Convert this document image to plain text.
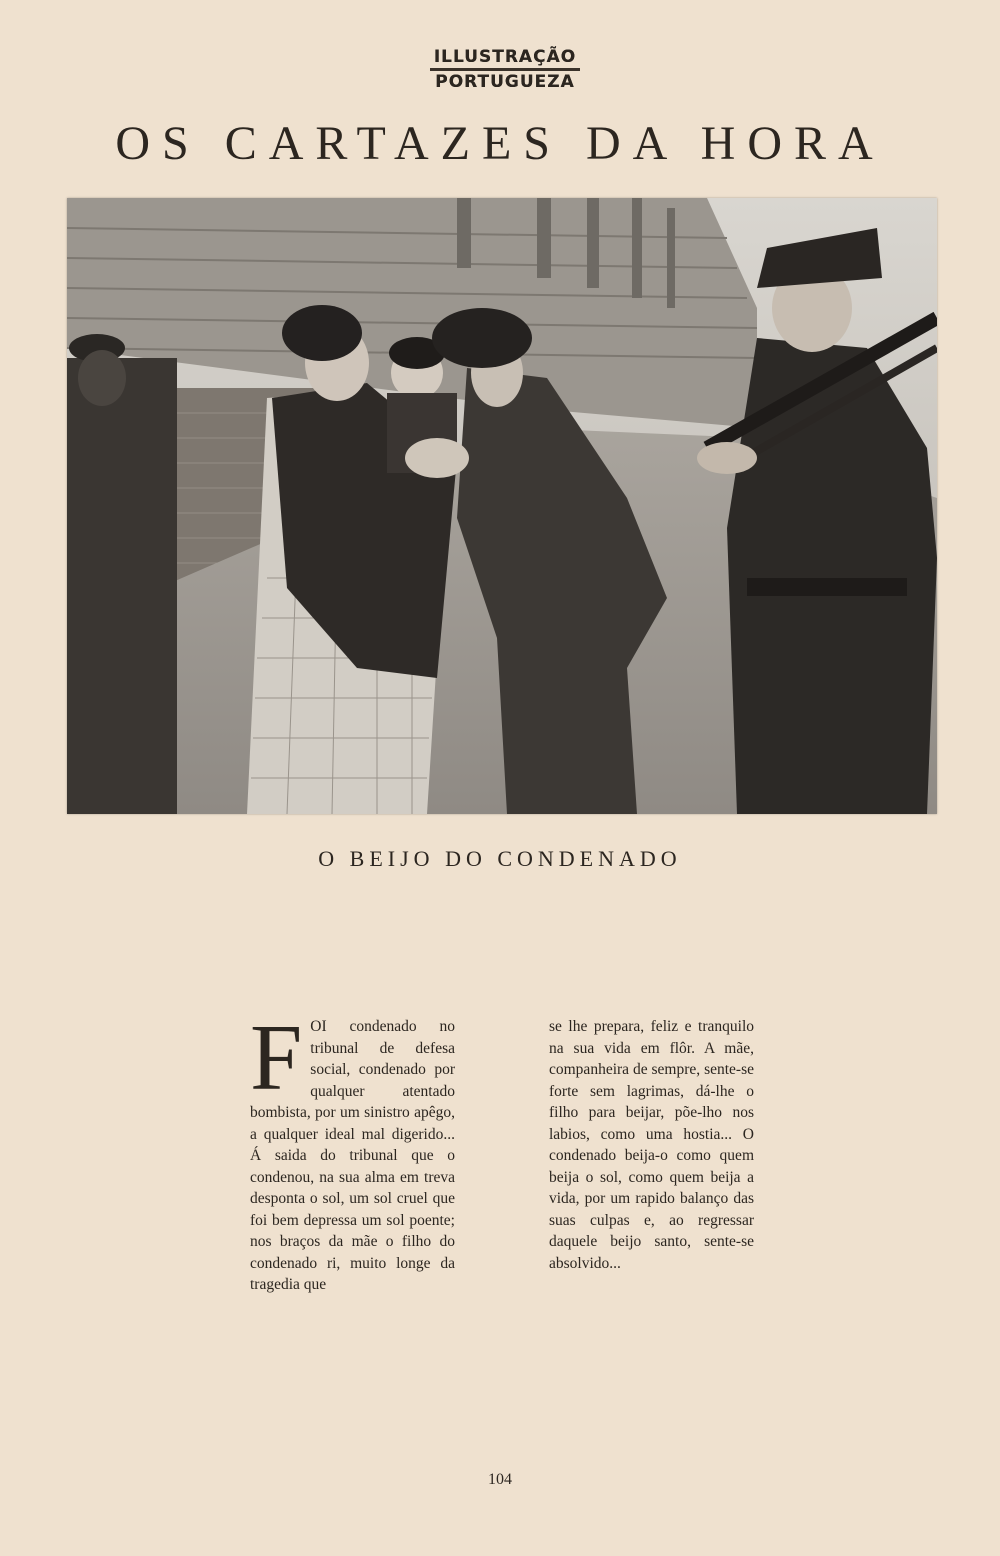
ILLUSTRAÇÃO
PORTUGUEZA
OS CARTAZES DA HORA

O BEIJO DO CONDENADO

F OI condenado no tribunal de defesa social, condenado por qualquer atentado bombista, por um sinistro apêgo, a qualquer ideal mal digerido... Á saida do tribunal que o condenou, na sua alma em treva desponta o sol, um sol cruel que foi bem depressa um sol poente; nos braços da mãe o filho do condenado ri, muito longe da tragedia que
se lhe prepara, feliz e tranquilo na sua vida em flôr. A mãe, companheira de sempre, sente-se forte sem lagrimas, dá-lhe o filho para beijar, põe-lho nos labios, como uma hostia... O condenado beija-o como quem beija o sol, como quem beija a vida, por um rapido balanço das suas culpas e, ao regressar daquele beijo santo, sente-se absolvido...
104
